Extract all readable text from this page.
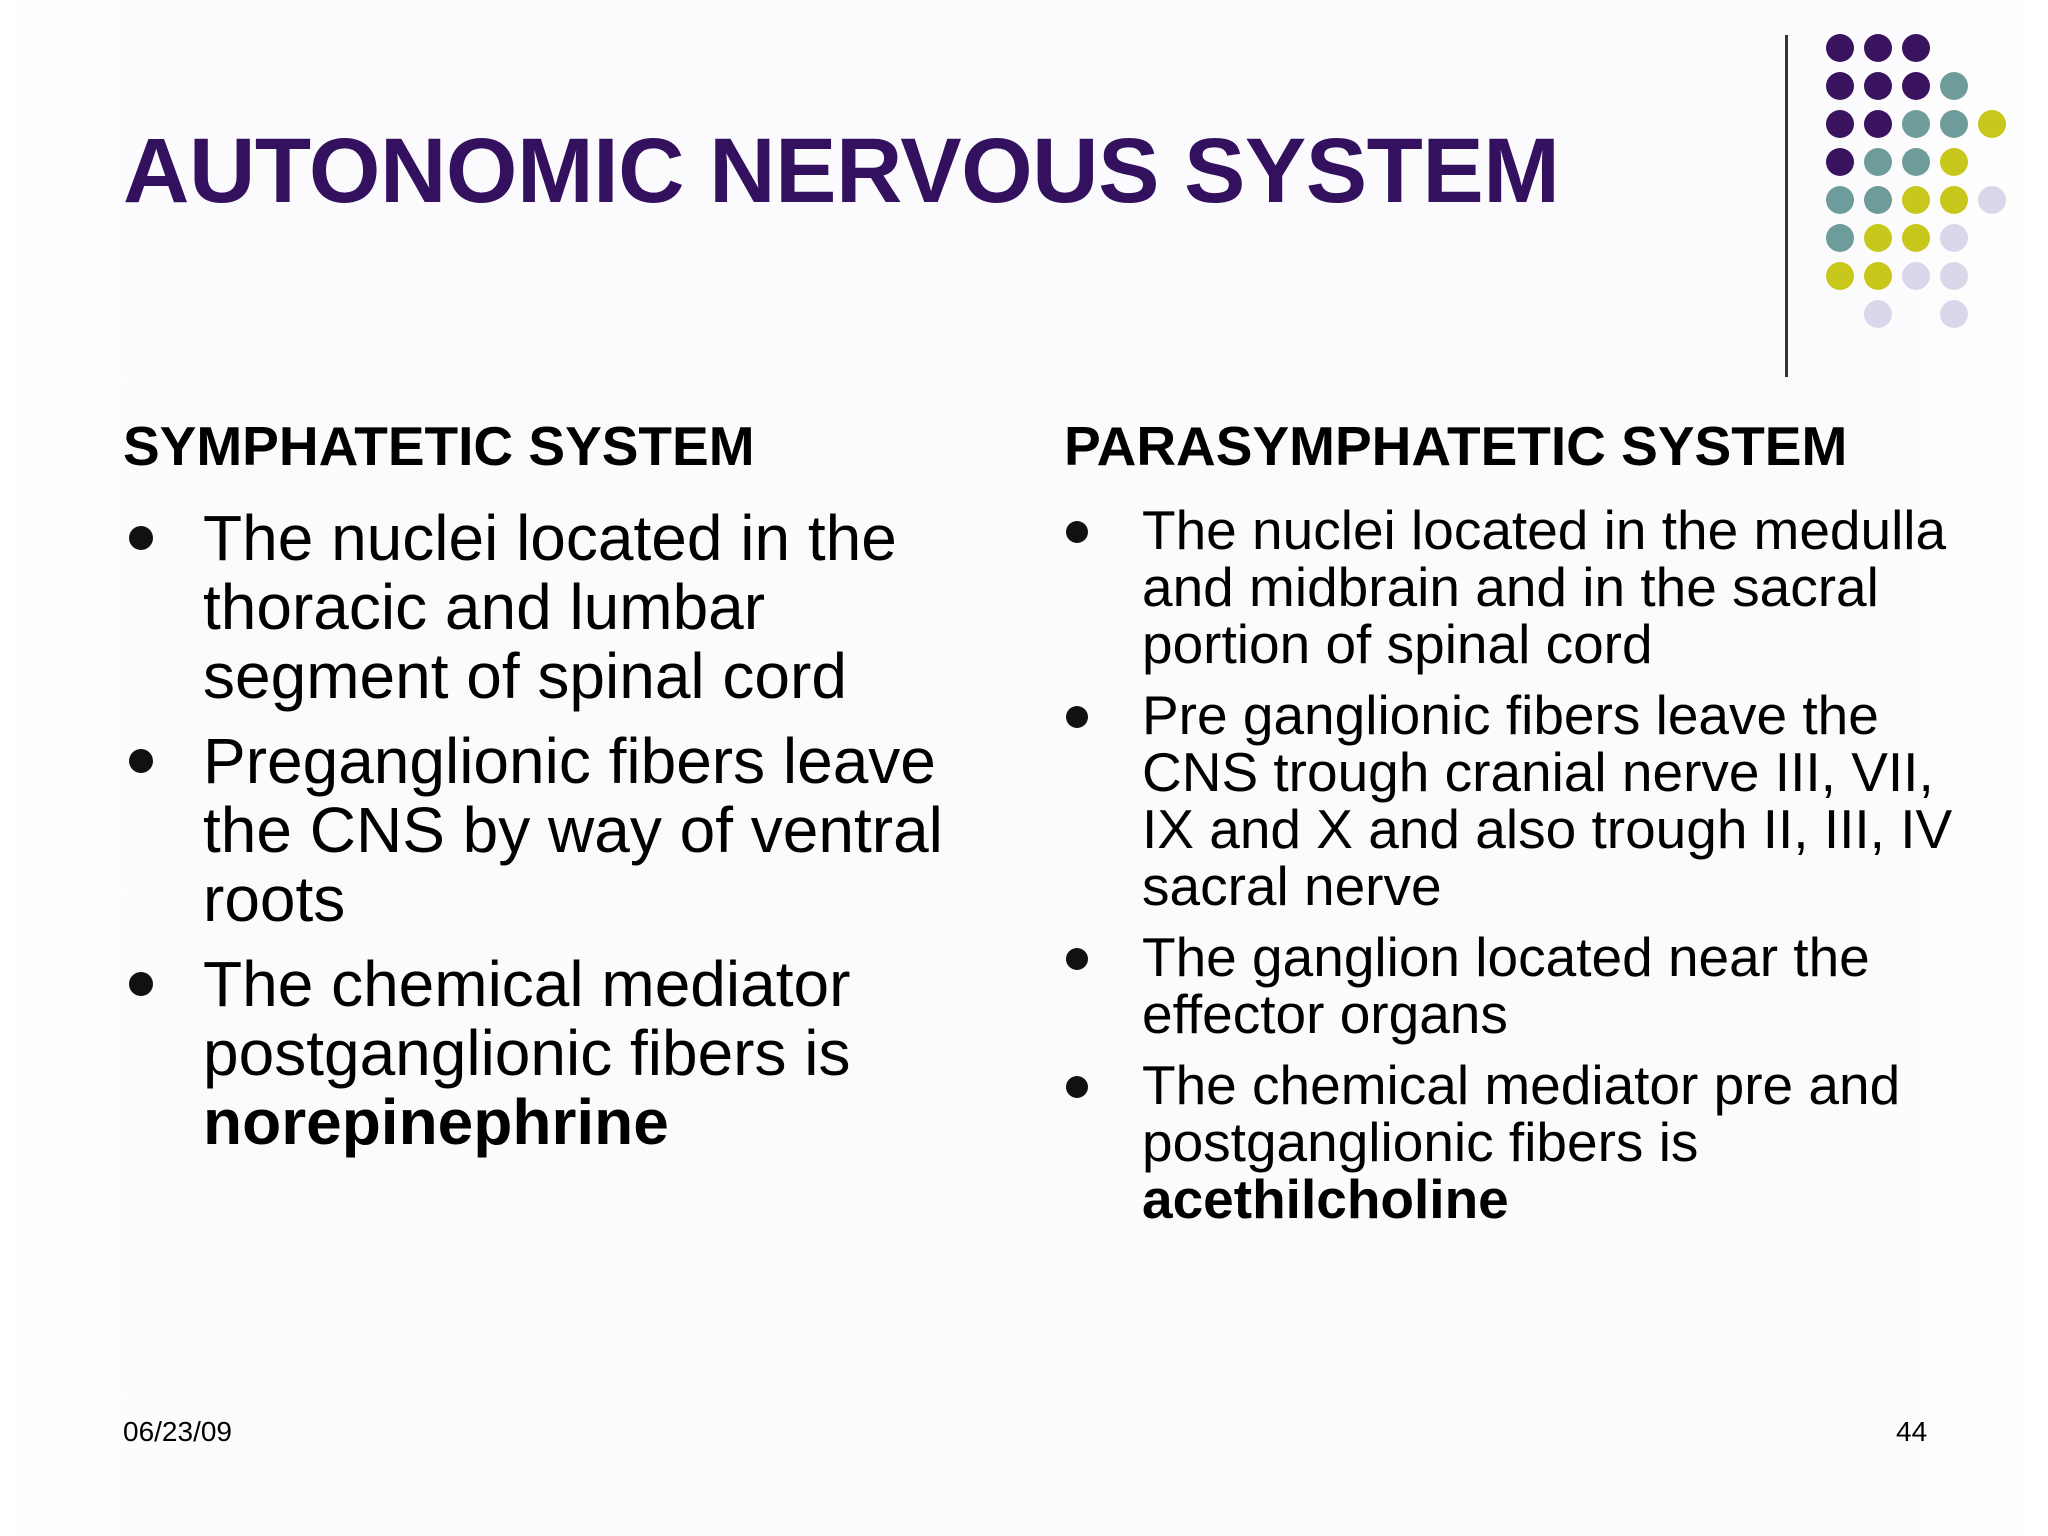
AUTONOMIC NERVOUS SYSTEM
SYMPHATETIC SYSTEM
The nuclei located in the thoracic and lumbar segment of spinal cord
Preganglionic fibers leave the CNS by way of ventral roots
The chemical mediator postganglionic fibers is norepinephrine
PARASYMPHATETIC SYSTEM
The nuclei located in the medulla and midbrain and in the sacral portion of spinal cord
Pre ganglionic fibers leave the CNS trough cranial nerve III, VII, IX and X and also trough II, III, IV sacral nerve
The ganglion located near the effector organs
The chemical mediator pre and postganglionic fibers is acethilcholine
06/23/09	44
